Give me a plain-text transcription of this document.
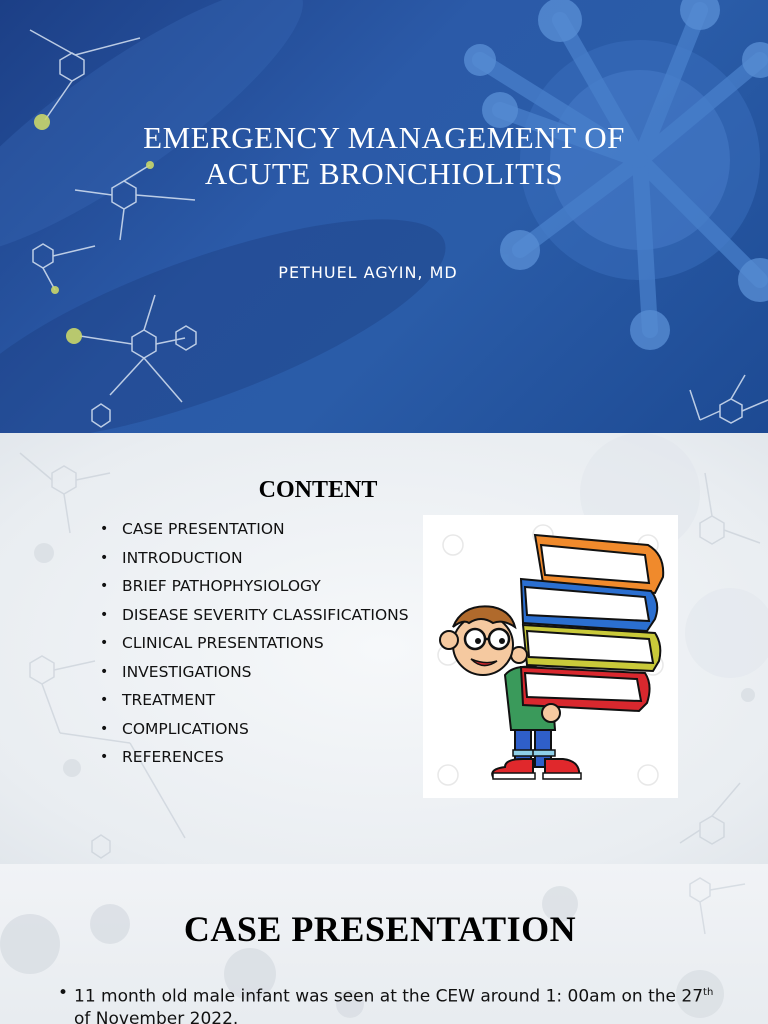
EMERGENCY MANAGEMENT OF
ACUTE BRONCHIOLITIS
PETHUEL AGYIN, MD
CONTENT
• CASE PRESENTATION
• INTRODUCTION
• BRIEF PATHOPHYSIOLOGY
• DISEASE SEVERITY CLASSIFICATIONS
• CLINICAL PRESENTATIONS
• INVESTIGATIONS
• TREATMENT
• COMPLICATIONS
• REFERENCES
CASE PRESENTATION
• 11 month old male infant was seen at the CEW around 1: 00am on the 27th of November 2022.
